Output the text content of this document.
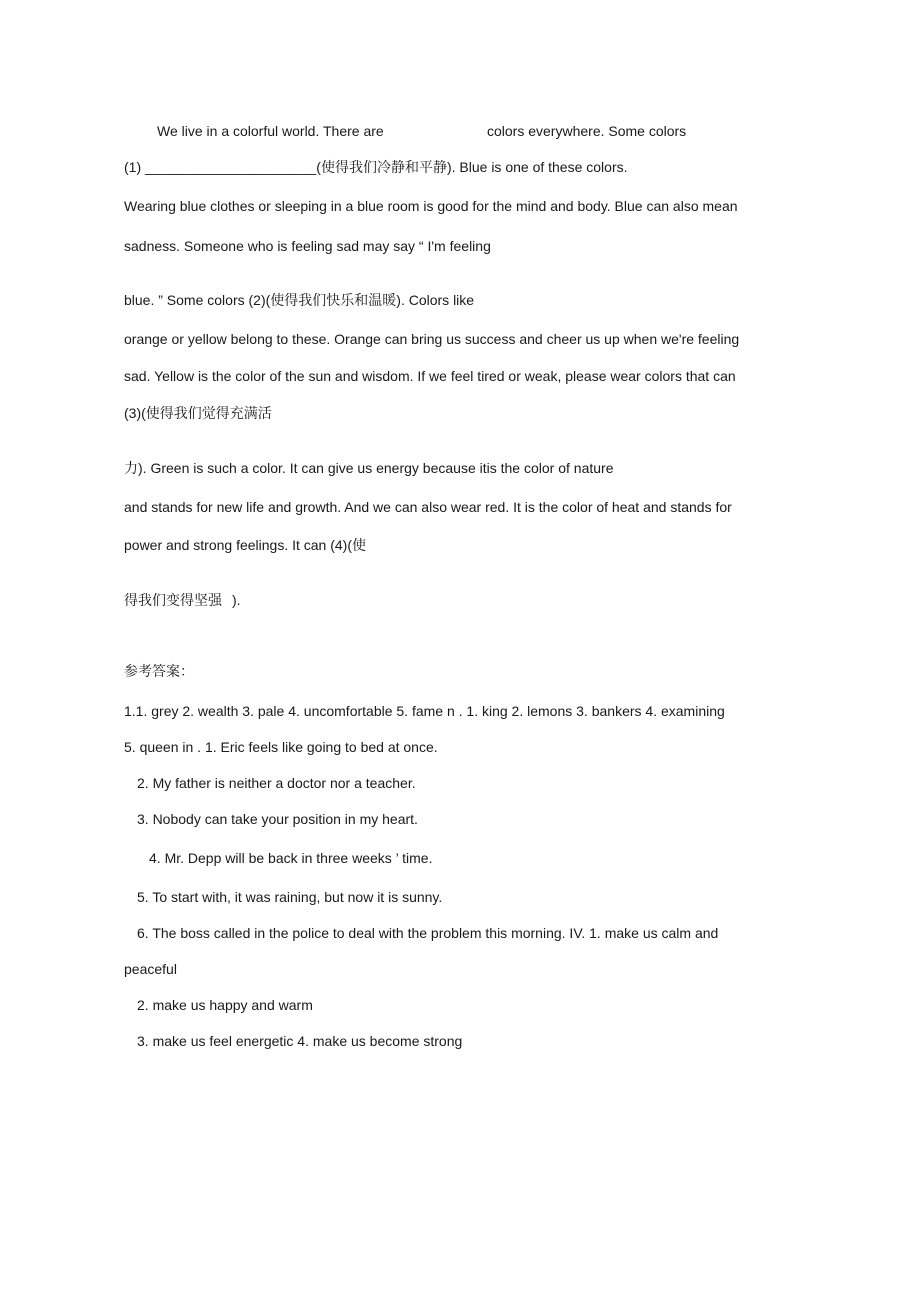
We live in a colorful world. There are	colors everywhere. Some colors
(1) ______________________(使得我们冷静和平静). Blue is one of these colors.
Wearing blue clothes or sleeping in a blue room is good for the mind and body. Blue can also mean
sadness. Someone who is feeling sad may say “ I'm feeling
blue. ” Some colors (2)(使得我们快乐和温暖). Colors like
orange or yellow belong to these. Orange can bring us success and cheer us up when we're feeling
sad. Yellow is the color of the sun and wisdom. If we feel tired or weak, please wear colors that can
(3)(使得我们觉得充满活
力). Green is such a color. It can give us energy because itis the color of nature
and stands for new life and growth. And we can also wear red. It is the color of heat and stands for
power and strong feelings. It can (4)(使
得我们变得坚强 ).
参考答案：
1.1. grey 2. wealth 3. pale 4. uncomfortable 5. fame n . 1. king 2. lemons 3. bankers 4. examining
5. queen in . 1. Eric feels like going to bed at once.
2. My father is neither a doctor nor a teacher.
3. Nobody can take your position in my heart.
4. Mr. Depp will be back in three weeks ’ time.
5. To start with, it was raining, but now it is sunny.
6. The boss called in the police to deal with the problem this morning. IV. 1. make us calm and
peaceful
2. make us happy and warm
3. make us feel energetic 4. make us become strong
